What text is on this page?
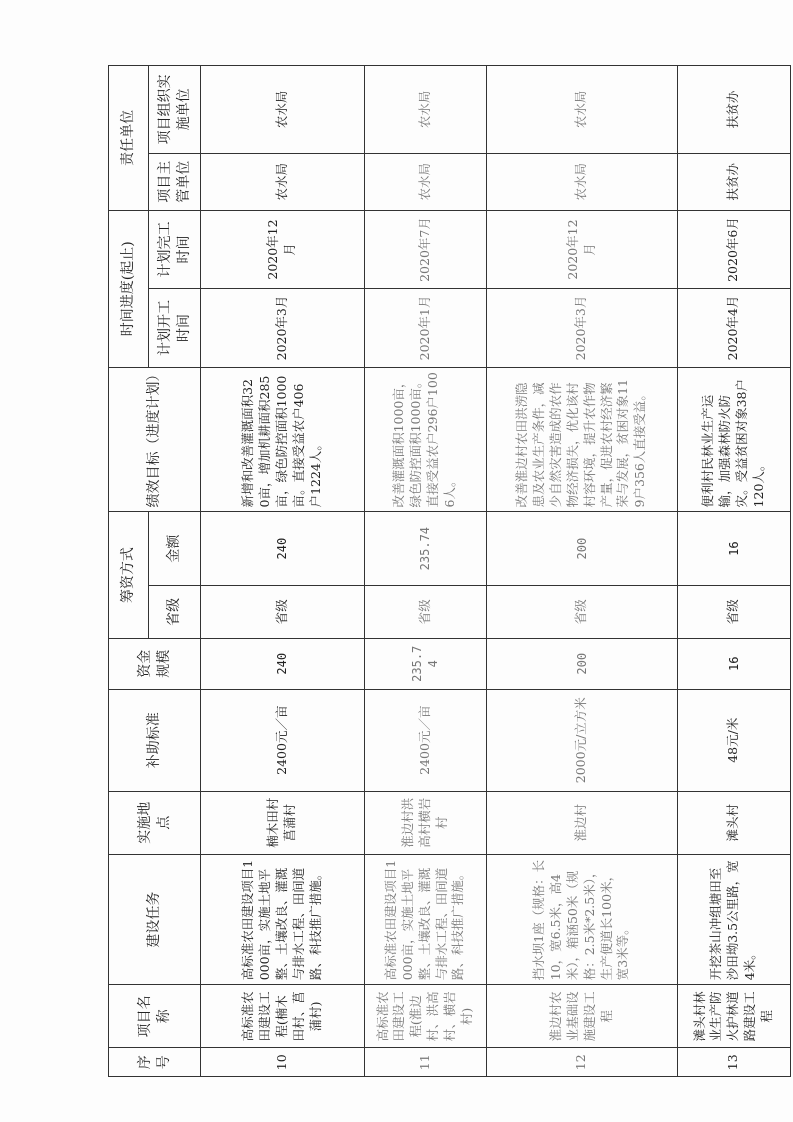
序号	项目名称	建设任务	实施地点	补助标准	资金 规模	筹资方式		绩效目标（进度计划）	时间进度(起止)		责任单位	
						省级	金额		计划开工时间	计划完工时间	项目主管单位	项目组织实施单位
10	高标准农田建设工程(楠木田村、菖蒲村)	高标准农田建设项目1000亩，实施土地平整、土壤改良、灌溉与排水工程、田间道路、科技推广措施。	楠木田村菖蒲村	2400元／亩	240	省级	240	新增和改善灌溉面积320亩，增加机耕面积285亩，绿色防控面积1000亩。直接受益农户406户1224人。	2020年3月	2020年12月	农水局	农水局
11	高标准农田建设工程(淮边村、洪高村、横岩村)	高标准农田建设项目1000亩，实施土地平整、土壤改良、灌溉与排水工程、田间道路、科技推广措施。	淮边村洪高村横岩村	2400元／亩	235.74	省级	235.74	改善灌溉面积1000亩，绿色防控面积1000亩。直接受益农户296户1006人。	2020年1月	2020年7月	农水局	农水局
12	淮边村农业基础设施建设工程	挡水坝1座（规格：长10，宽6.5米，高4米），箱涵50米（规格：2.5米*2.5米），生产便道长100米，宽3米等。	淮边村	2000元/立方米	200	省级	200	改善淮边村农田洪涝隐患及农业生产条件，减少自然灾害造成的农作物经济损失，优化该村村容环境，提升农作物产量，促进农村经济繁荣与发展，贫困对象119户356人直接受益。	2020年3月	2020年12月	农水局	农水局
13	滩头村林业生产防火护林道路建设工程	开挖茶山冲组塘田至沙田坳3.5公里路，宽4米。	滩头村	48元/米	16	省级	16	便利村民林业生产运输，加强森林防火防灾。受益贫困对象38户120人。	2020年4月	2020年6月	扶贫办	扶贫办
